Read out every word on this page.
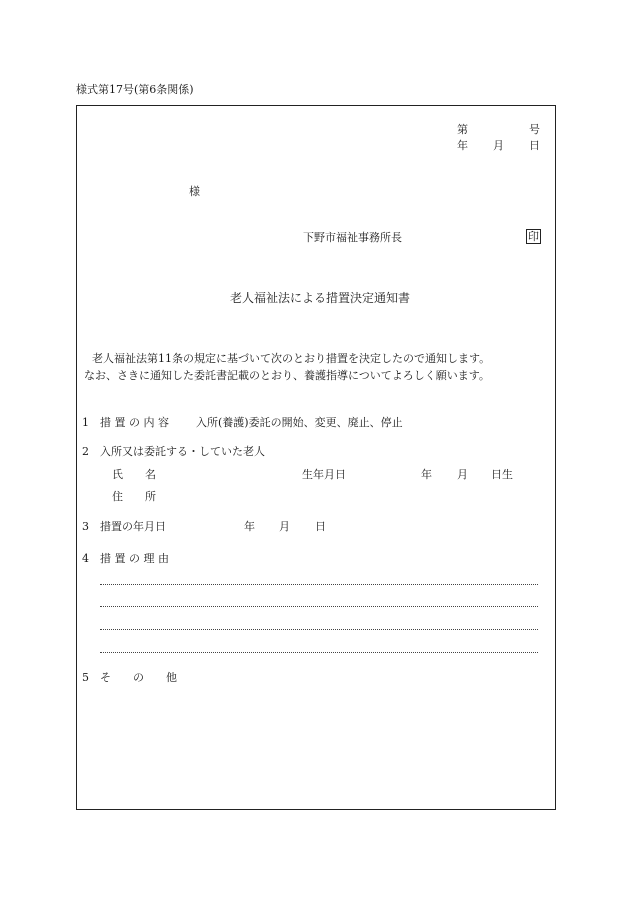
様式第17号(第6条関係)
第	号
年 月 日
様
下野市福祉事務所長	印
老人福祉法による措置決定通知書
老人福祉法第11条の規定に基づいて次のとおり措置を決定したので通知します。
なお、さきに通知した委託書記載のとおり、養護指導についてよろしく願います。
1 措 置 の 内 容 入所(養護)委託の開始、変更、廃止、停止
2 入所又は委託する・していた老人
氏　　名	生年月日	年 月 日生
住　　所
3 措置の年月日	年 月 日
4 措 置 の 理 由
5 そ　　の　　他
